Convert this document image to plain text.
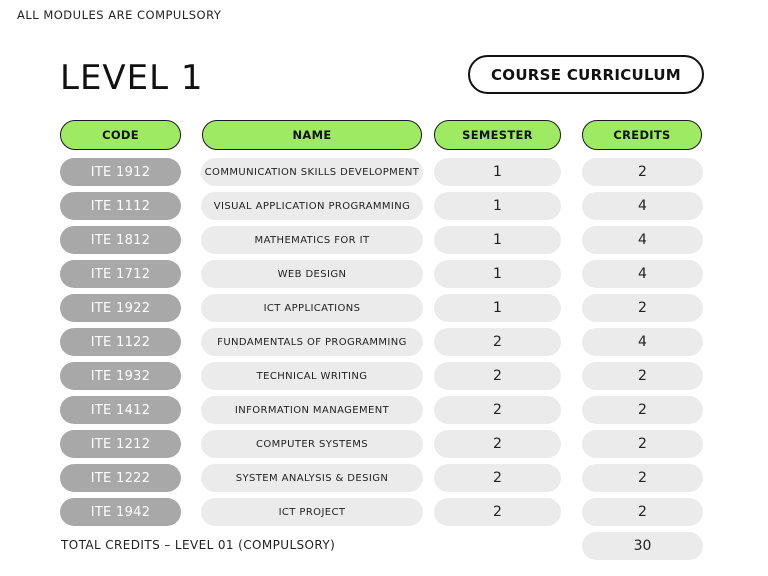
ALL MODULES ARE COMPULSORY
LEVEL 1	COURSE CURRICULUM
CODE	NAME	SEMESTER	CREDITS
ITE 1912	COMMUNICATION SKILLS DEVELOPMENT	1	2
ITE 1112	VISUAL APPLICATION PROGRAMMING	1	4
ITE 1812	MATHEMATICS FOR IT	1	4
ITE 1712	WEB DESIGN	1	4
ITE 1922	ICT APPLICATIONS	1	2
ITE 1122	FUNDAMENTALS OF PROGRAMMING	2	4
ITE 1932	TECHNICAL WRITING	2	2
ITE 1412	INFORMATION MANAGEMENT	2	2
ITE 1212	COMPUTER SYSTEMS	2	2
ITE 1222	SYSTEM ANALYSIS & DESIGN	2	2
ITE 1942	ICT PROJECT	2	2
TOTAL CREDITS – LEVEL 01 (COMPULSORY)	30
